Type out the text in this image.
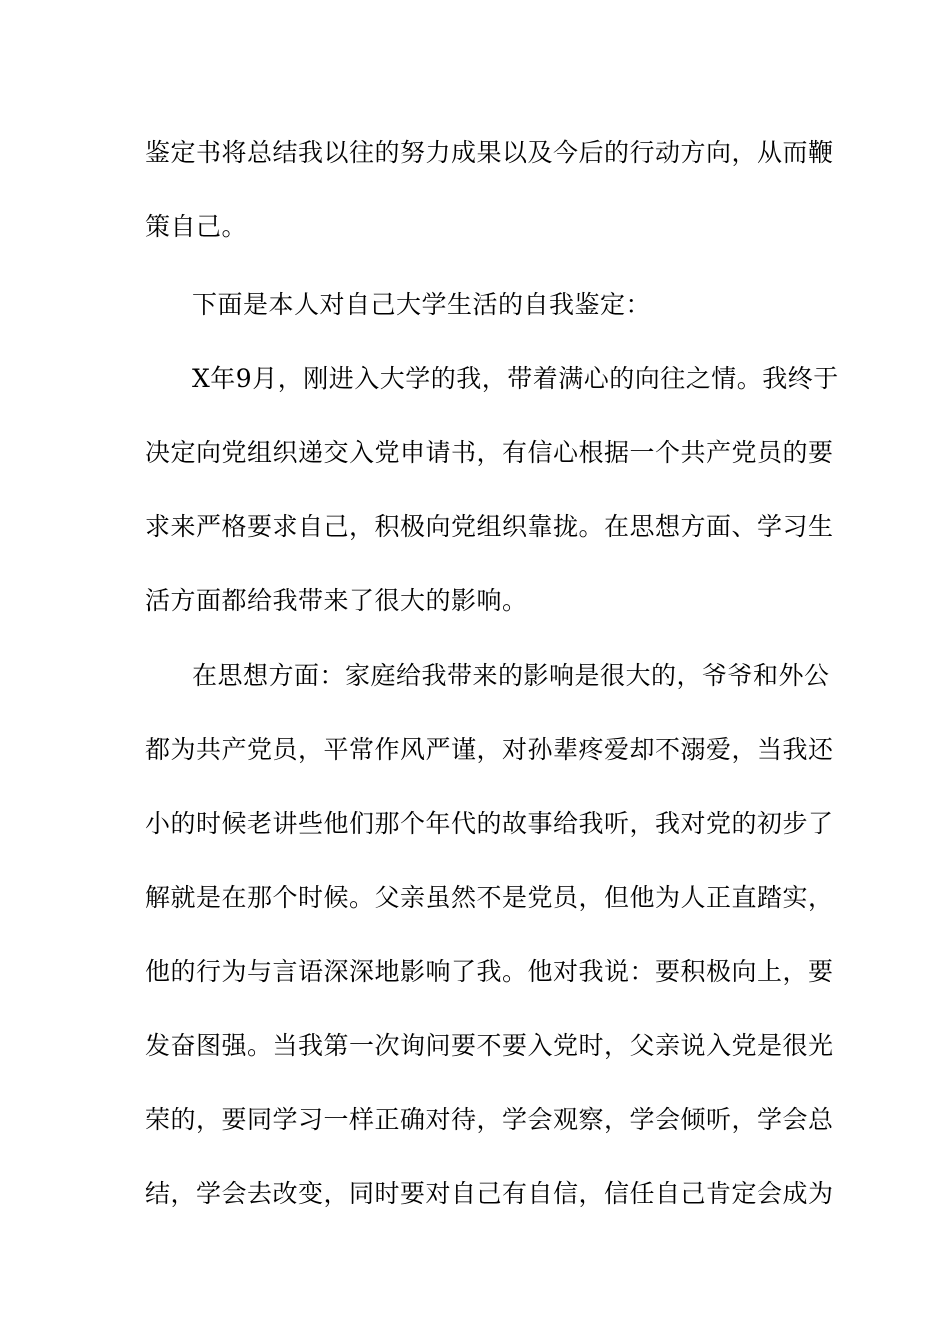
鉴定书将总结我以往的努力成果以及今后的行动方向，从而鞭

策自己。

下面是本人对自己大学生活的自我鉴定：

X年9月，刚进入大学的我，带着满心的向往之情。我终于

决定向党组织递交入党申请书，有信心根据一个共产党员的要

求来严格要求自己，积极向党组织靠拢。在思想方面、学习生

活方面都给我带来了很大的影响。

在思想方面：家庭给我带来的影响是很大的，爷爷和外公

都为共产党员，平常作风严谨，对孙辈疼爱却不溺爱，当我还

小的时候老讲些他们那个年代的故事给我听，我对党的初步了

解就是在那个时候。父亲虽然不是党员，但他为人正直踏实，

他的行为与言语深深地影响了我。他对我说：要积极向上，要

发奋图强。当我第一次询问要不要入党时，父亲说入党是很光

荣的，要同学习一样正确对待，学会观察，学会倾听，学会总

结，学会去改变，同时要对自己有自信，信任自己肯定会成为
